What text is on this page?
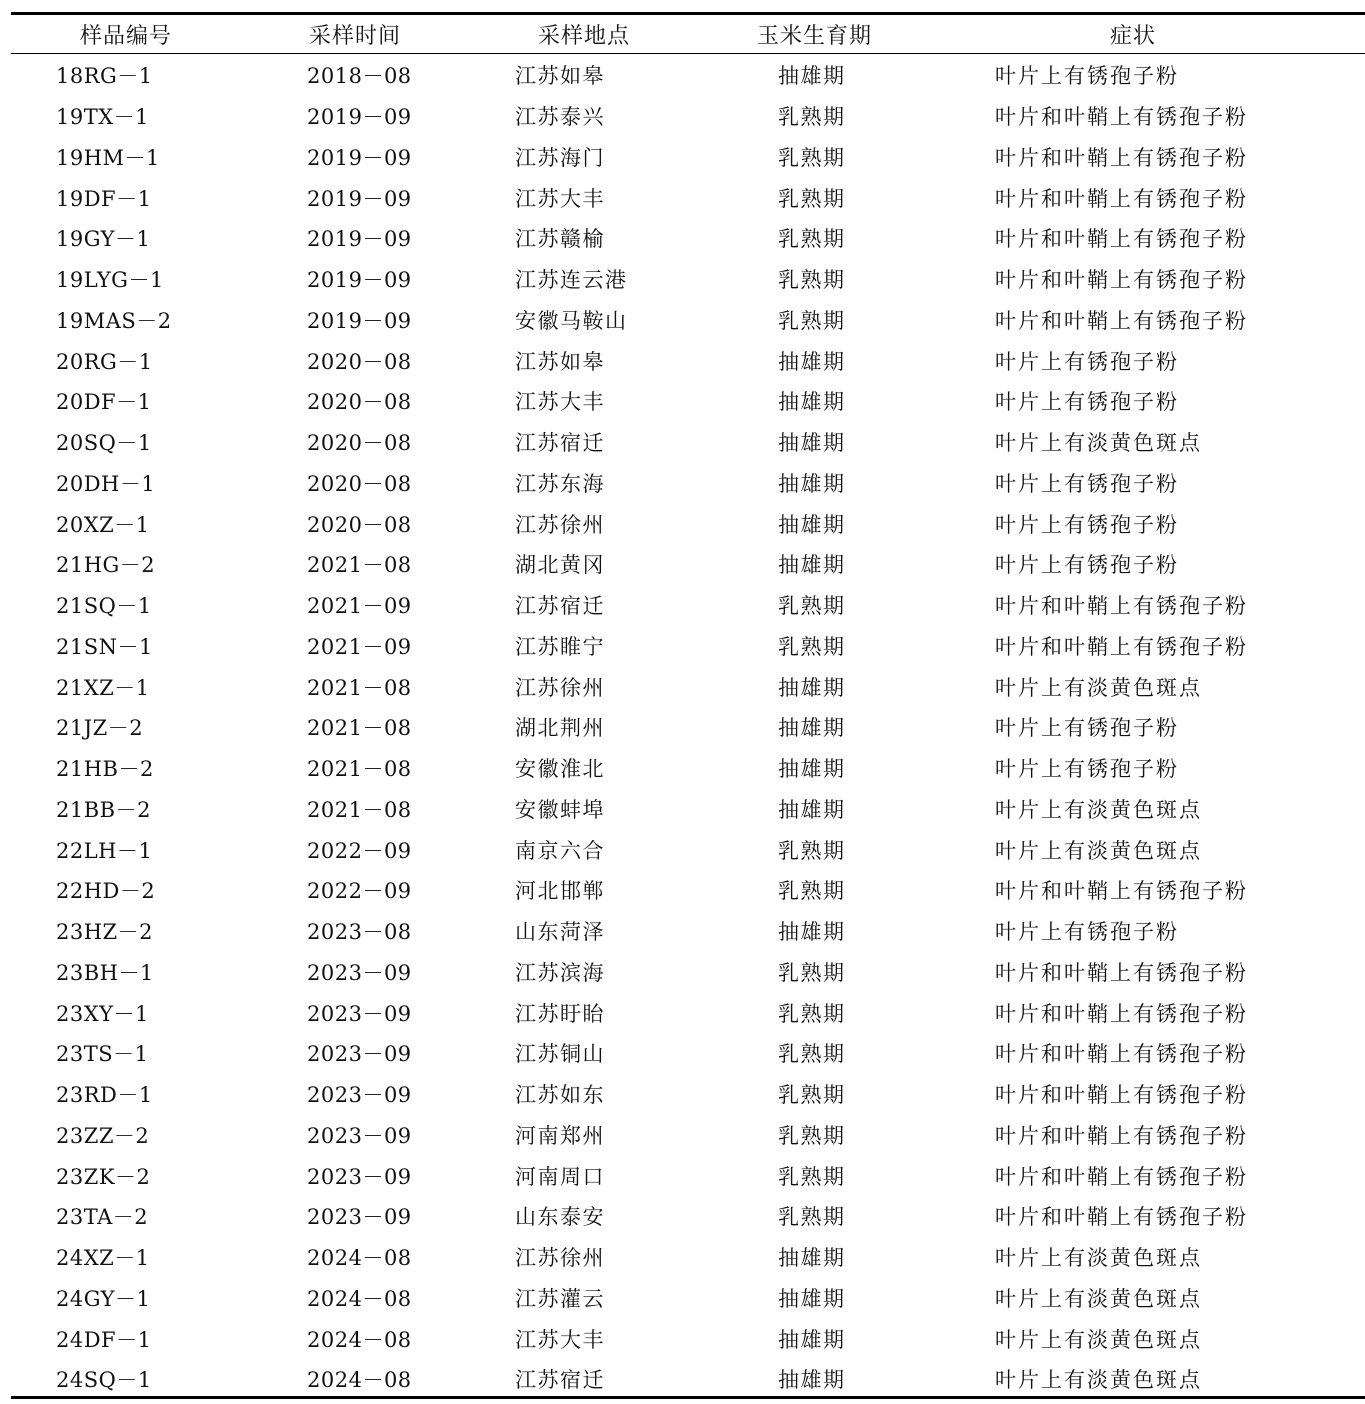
样品编号	采样时间	采样地点	玉米生育期	症状
18RG－1	2018－08	江苏如皋	抽雄期	叶片上有锈孢子粉
19TX－1	2019－09	江苏泰兴	乳熟期	叶片和叶鞘上有锈孢子粉
19HM－1	2019－09	江苏海门	乳熟期	叶片和叶鞘上有锈孢子粉
19DF－1	2019－09	江苏大丰	乳熟期	叶片和叶鞘上有锈孢子粉
19GY－1	2019－09	江苏赣榆	乳熟期	叶片和叶鞘上有锈孢子粉
19LYG－1	2019－09	江苏连云港	乳熟期	叶片和叶鞘上有锈孢子粉
19MAS－2	2019－09	安徽马鞍山	乳熟期	叶片和叶鞘上有锈孢子粉
20RG－1	2020－08	江苏如皋	抽雄期	叶片上有锈孢子粉
20DF－1	2020－08	江苏大丰	抽雄期	叶片上有锈孢子粉
20SQ－1	2020－08	江苏宿迁	抽雄期	叶片上有淡黄色斑点
20DH－1	2020－08	江苏东海	抽雄期	叶片上有锈孢子粉
20XZ－1	2020－08	江苏徐州	抽雄期	叶片上有锈孢子粉
21HG－2	2021－08	湖北黄冈	抽雄期	叶片上有锈孢子粉
21SQ－1	2021－09	江苏宿迁	乳熟期	叶片和叶鞘上有锈孢子粉
21SN－1	2021－09	江苏睢宁	乳熟期	叶片和叶鞘上有锈孢子粉
21XZ－1	2021－08	江苏徐州	抽雄期	叶片上有淡黄色斑点
21JZ－2	2021－08	湖北荆州	抽雄期	叶片上有锈孢子粉
21HB－2	2021－08	安徽淮北	抽雄期	叶片上有锈孢子粉
21BB－2	2021－08	安徽蚌埠	抽雄期	叶片上有淡黄色斑点
22LH－1	2022－09	南京六合	乳熟期	叶片上有淡黄色斑点
22HD－2	2022－09	河北邯郸	乳熟期	叶片和叶鞘上有锈孢子粉
23HZ－2	2023－08	山东菏泽	抽雄期	叶片上有锈孢子粉
23BH－1	2023－09	江苏滨海	乳熟期	叶片和叶鞘上有锈孢子粉
23XY－1	2023－09	江苏盱眙	乳熟期	叶片和叶鞘上有锈孢子粉
23TS－1	2023－09	江苏铜山	乳熟期	叶片和叶鞘上有锈孢子粉
23RD－1	2023－09	江苏如东	乳熟期	叶片和叶鞘上有锈孢子粉
23ZZ－2	2023－09	河南郑州	乳熟期	叶片和叶鞘上有锈孢子粉
23ZK－2	2023－09	河南周口	乳熟期	叶片和叶鞘上有锈孢子粉
23TA－2	2023－09	山东泰安	乳熟期	叶片和叶鞘上有锈孢子粉
24XZ－1	2024－08	江苏徐州	抽雄期	叶片上有淡黄色斑点
24GY－1	2024－08	江苏灌云	抽雄期	叶片上有淡黄色斑点
24DF－1	2024－08	江苏大丰	抽雄期	叶片上有淡黄色斑点
24SQ－1	2024－08	江苏宿迁	抽雄期	叶片上有淡黄色斑点
